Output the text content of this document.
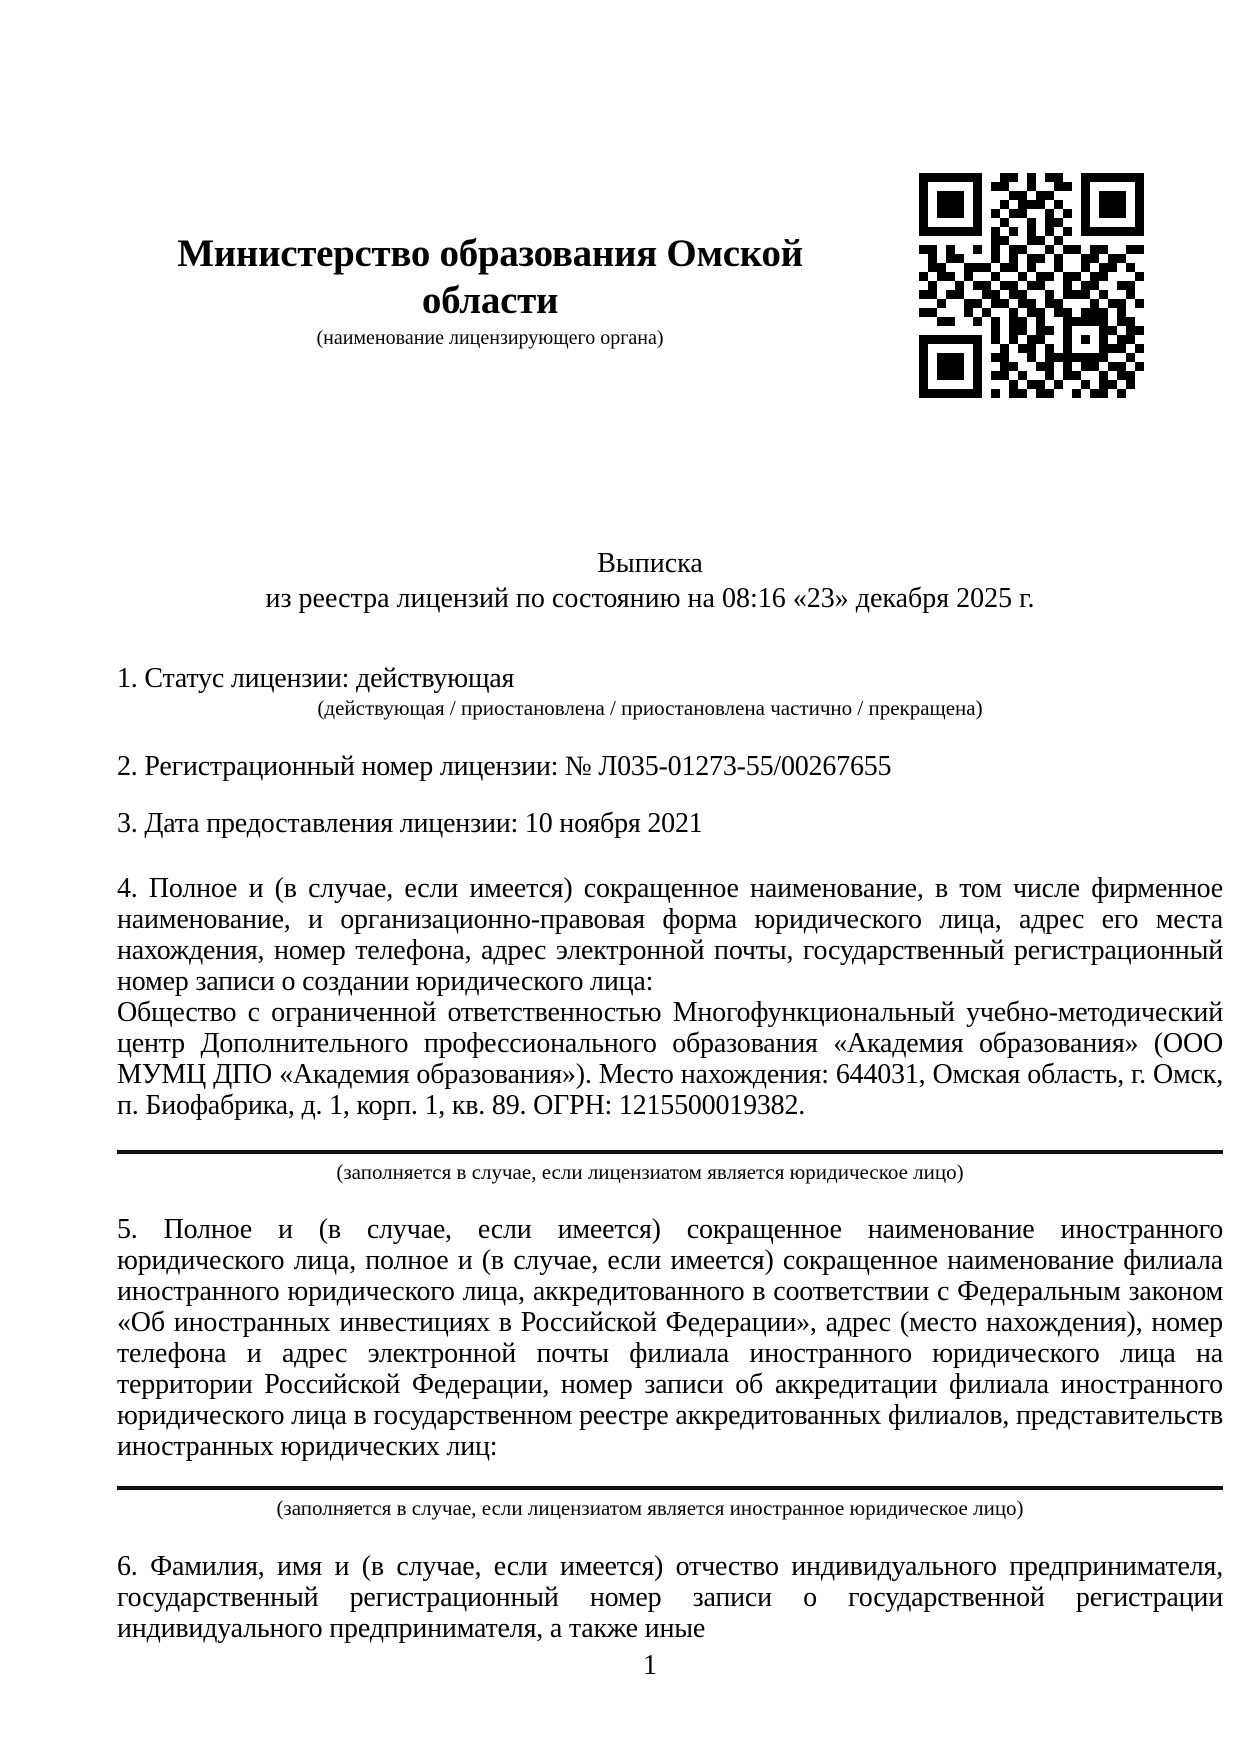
Министерство образования Омской области
(наименование лицензирующего органа)
Выписка
из реестра лицензий по состоянию на 08:16 «23» декабря 2025 г.
1. Статус лицензии: действующая
(действующая / приостановлена / приостановлена частично / прекращена)
2. Регистрационный номер лицензии: № Л035-01273-55/00267655
3. Дата предоставления лицензии: 10 ноября 2021
4. Полное и (в случае, если имеется) сокращенное наименование, в том числе фирменное наименование, и организационно-правовая форма юридического лица, адрес его места нахождения, номер телефона, адрес электронной почты, государственный регистрационный номер записи о создании юридического лица:
Общество с ограниченной ответственностью Многофункциональный учебно-методический центр Дополнительного профессионального образования «Академия образования» (ООО МУМЦ ДПО «Академия образования»). Место нахождения: 644031, Омская область, г. Омск, п. Биофабрика, д. 1, корп. 1, кв. 89. ОГРН: 1215500019382.
(заполняется в случае, если лицензиатом является юридическое лицо)
5. Полное и (в случае, если имеется) сокращенное наименование иностранного юридического лица, полное и (в случае, если имеется) сокращенное наименование филиала иностранного юридического лица, аккредитованного в соответствии с Федеральным законом «Об иностранных инвестициях в Российской Федерации», адрес (место нахождения), номер телефона и адрес электронной почты филиала иностранного юридического лица на территории Российской Федерации, номер записи об аккредитации филиала иностранного юридического лица в государственном реестре аккредитованных филиалов, представительств иностранных юридических лиц:
(заполняется в случае, если лицензиатом является иностранное юридическое лицо)
6. Фамилия, имя и (в случае, если имеется) отчество индивидуального предпринимателя, государственный регистрационный номер записи о государственной регистрации индивидуального предпринимателя, а также иные
1
